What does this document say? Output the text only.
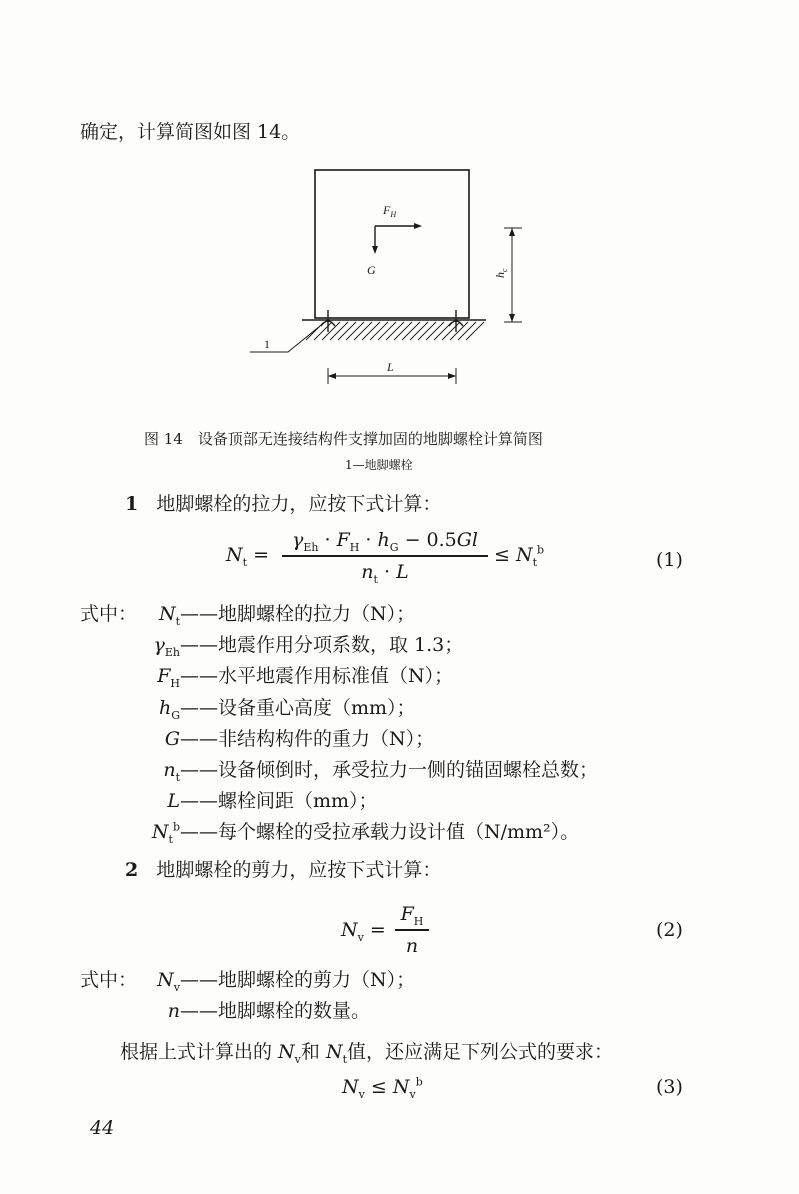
确定，计算简图如图 14。
$F_H$
G	$h_c$
1
L
图 14　设备顶部无连接结构件支撑加固的地脚螺栓计算简图
1—地脚螺栓
1 地脚螺栓的拉力，应按下式计算：
$N_t$ =
$\gamma_{Eh} \cdot F_H \cdot h_G - 0.5Gl$
$n_t \cdot L$
≤ $N_t^b$	(1)
式中：	$N_t——$地脚螺栓的拉力（N）；
$\gamma_{Eh}——$地震作用分项系数，取 1.3；
$F_H——$水平地震作用标准值（N）；
$h_G——$设备重心高度（mm）；
G——非结构构件的重力（N）；
$n_t——$设备倾倒时，承受拉力一侧的锚固螺栓总数；
L——螺栓间距（mm）；
$N_t^b——$每个螺栓的受拉承载力设计值（N/mm²）。
2 地脚螺栓的剪力，应按下式计算：
$N_v$ =
$F_H$
n
(2)
式中：	$N_v——$地脚螺栓的剪力（N）；
n——地脚螺栓的数量。
根据上式计算出的 $N_v$和 $N_t$值，还应满足下列公式的要求：
$N_v \le N_v^b$	(3)
44
